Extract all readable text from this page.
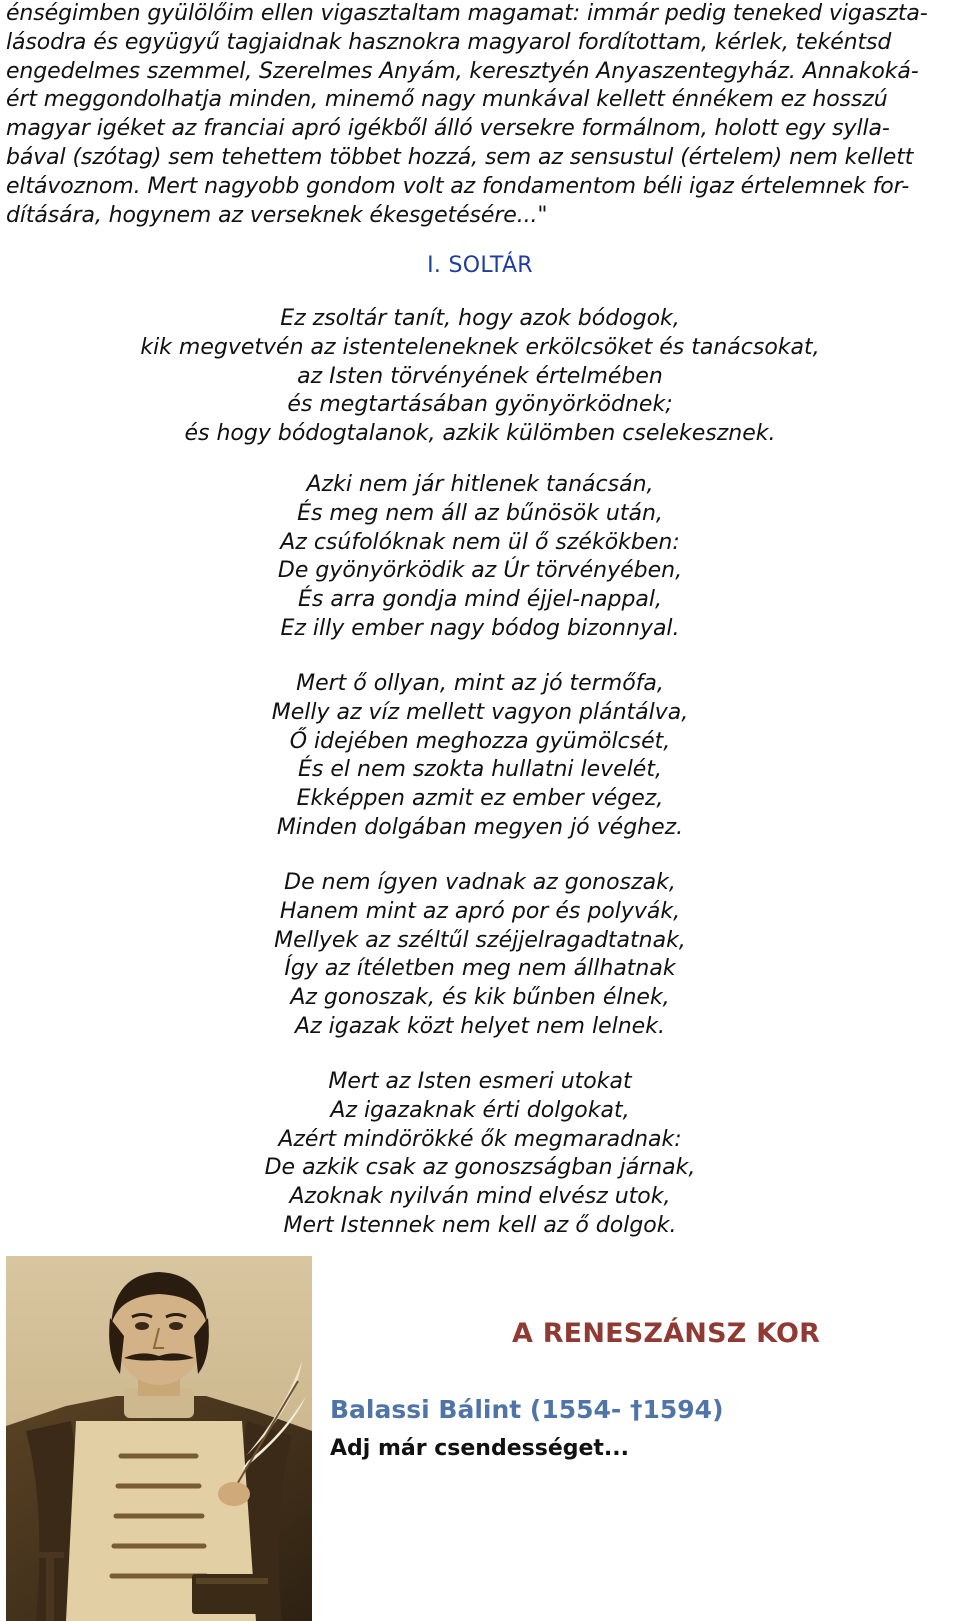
énségimben gyülölőim ellen vigasztaltam magamat: immár pedig teneked vigaszta-
lásodra és együgyű tagjaidnak hasznokra magyarol fordítottam, kérlek, tekéntsd
engedelmes szemmel, Szerelmes Anyám, keresztyén Anyaszentegyház. Annakoká-
ért meggondolhatja minden, minemő nagy munkával kellett énnékem ez hosszú
magyar igéket az franciai apró igékből álló versekre formálnom, holott egy sylla-
bával (szótag) sem tehettem többet hozzá, sem az sensustul (értelem) nem kellett
eltávoznom. Mert nagyobb gondom volt az fondamentom béli igaz értelemnek for-
dítására, hogynem az verseknek ékesgetésére..."
I. SOLTÁR
Ez zsoltár tanít, hogy azok bódogok,
kik megvetvén az istenteleneknek erkölcsöket és tanácsokat,
az Isten törvényének értelmében
és megtartásában gyönyörködnek;
és hogy bódogtalanok, azkik külömben cselekesznek.
Azki nem jár hitlenek tanácsán,
És meg nem áll az bűnösök után,
Az csúfolóknak nem ül ő székökben:
De gyönyörködik az Úr törvényében,
És arra gondja mind éjjel-nappal,
Ez illy ember nagy bódog bizonnyal.
Mert ő ollyan, mint az jó termőfa,
Melly az víz mellett vagyon plántálva,
Ő idejében meghozza gyümölcsét,
És el nem szokta hullatni levelét,
Ekképpen azmit ez ember végez,
Minden dolgában megyen jó véghez.
De nem ígyen vadnak az gonoszak,
Hanem mint az apró por és polyvák,
Mellyek az széltűl széjjelragadtatnak,
Így az ítéletben meg nem állhatnak
Az gonoszak, és kik bűnben élnek,
Az igazak közt helyet nem lelnek.
Mert az Isten esmeri utokat
Az igazaknak érti dolgokat,
Azért mindörökké ők megmaradnak:
De azkik csak az gonoszságban járnak,
Azoknak nyilván mind elvész utok,
Mert Istennek nem kell az ő dolgok.
A RENESZÁNSZ KOR
Balassi Bálint (1554- †1594)
Adj már csendességet...
